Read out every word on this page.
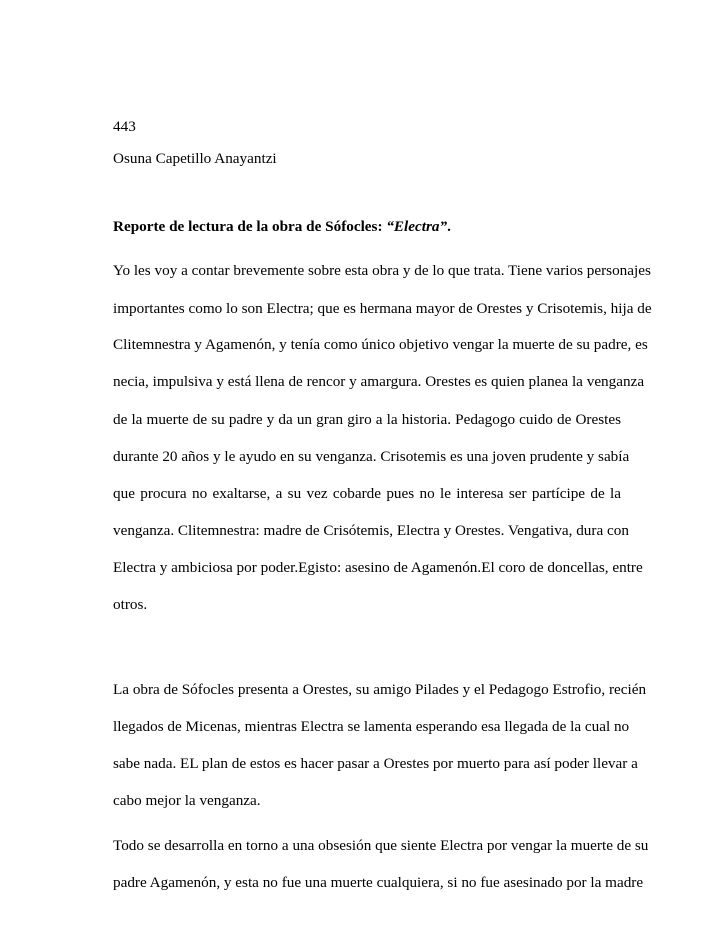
443
Osuna Capetillo Anayantzi
Reporte de lectura de la obra de Sófocles: “Electra”.
Yo les voy a contar brevemente sobre esta obra y de lo que trata. Tiene varios personajes
importantes como lo son Electra; que es hermana mayor de Orestes y Crisotemis, hija de
Clitemnestra y Agamenón, y tenía como único objetivo vengar la muerte de su padre, es
necia, impulsiva y está llena de rencor y amargura. Orestes es quien planea la venganza
de la muerte de su padre y da un gran giro a la historia. Pedagogo cuido de Orestes
durante 20 años y le ayudo en su venganza. Crisotemis es una joven prudente y sabía
que procura no exaltarse, a su vez cobarde pues no le interesa ser partícipe de la
venganza. Clitemnestra: madre de Crisótemis, Electra y Orestes. Vengativa, dura con
Electra y ambiciosa por poder.Egisto: asesino de Agamenón.El coro de doncellas, entre
otros.
La obra de Sófocles presenta a Orestes, su amigo Pilades y el Pedagogo Estrofio, recién
llegados de Micenas, mientras Electra se lamenta esperando esa llegada de la cual no
sabe nada. EL plan de estos es hacer pasar a Orestes por muerto para así poder llevar a
cabo mejor la venganza.
Todo se desarrolla en torno a una obsesión que siente Electra por vengar la muerte de su
padre Agamenón, y esta no fue una muerte cualquiera, si no fue asesinado por la madre
